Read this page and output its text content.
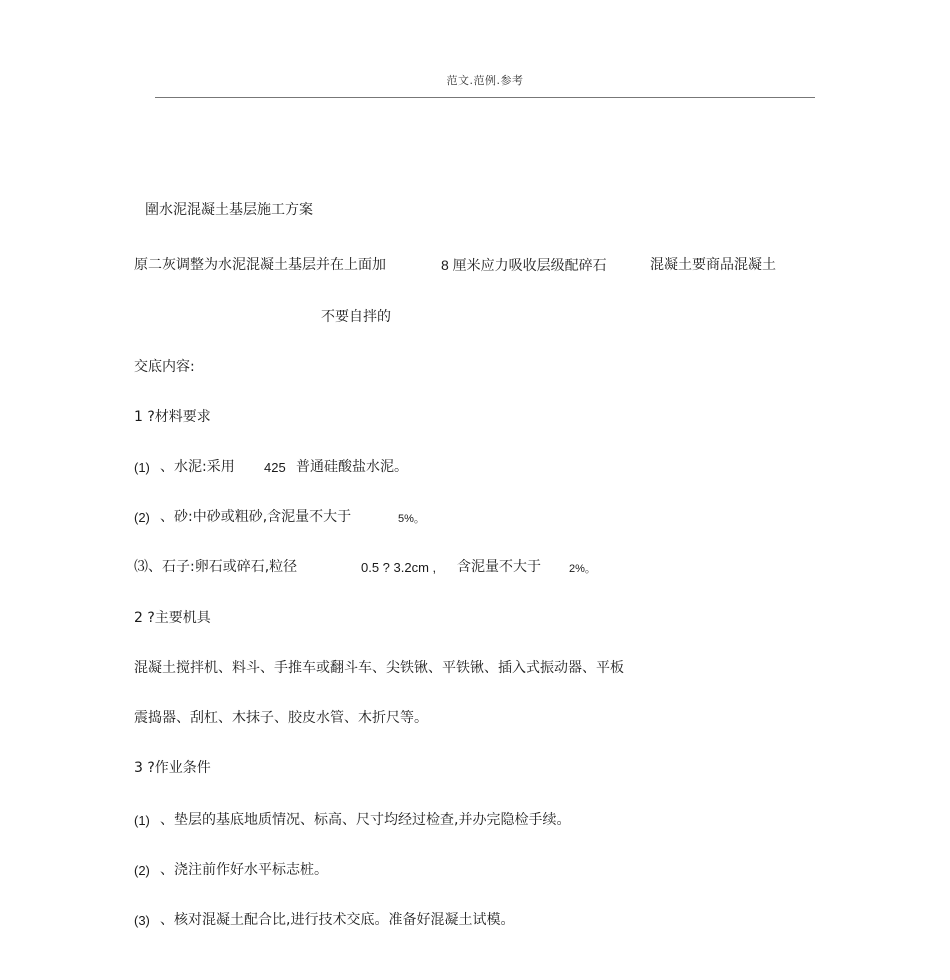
范文.范例.参考
圍水泥混凝土基层施工方案
原二灰调整为水泥混凝土基层并在上面加	8 厘米应力吸收层级配碎石	混凝土要商品混凝土
不要自拌的
交底内容:
1 ?材料要求
(1) 、水泥:采用 425 普通硅酸盐水泥。
(2) 、砂:中砂或粗砂,含泥量不大于	5%。
⑶、石子:卵石或碎石,粒径	0.5 ? 3.2cm , 含泥量不大于	2%。
2 ?主要机具
混凝土搅拌机、料斗、手推车或翻斗车、尖铁锹、平铁锹、插入式振动器、平板
震捣器、刮杠、木抹子、胶皮水管、木折尺等。
3 ?作业条件
(1) 、垫层的基底地质情况、标高、尺寸均经过检查,并办完隐检手续。
(2) 、浇注前作好水平标志桩。
(3) 、核对混凝土配合比,进行技术交底。准备好混凝土试模。
